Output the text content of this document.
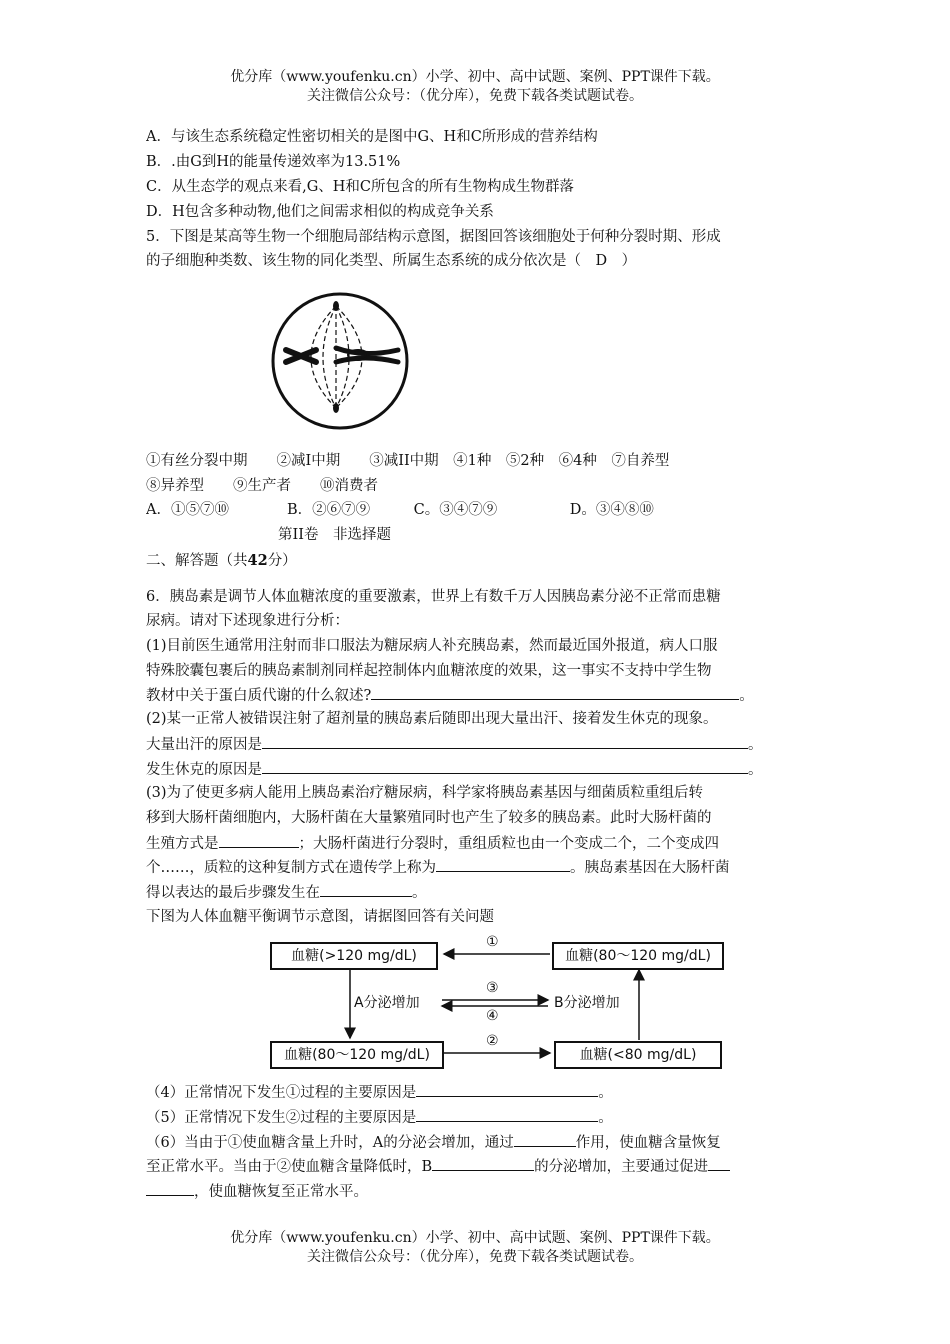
优分库（www.youfenku.cn）小学、初中、高中试题、案例、PPT课件下载。
关注微信公众号：（优分库），免费下载各类试题试卷。
A．与该生态系统稳定性密切相关的是图中G、H和C所形成的营养结构
B．.由G到H的能量传递效率为13.51%
C．从生态学的观点来看,G、H和C所包含的所有生物构成生物群落
D．H包含多种动物,他们之间需求相似的构成竞争关系
5．下图是某高等生物一个细胞局部结构示意图，据图回答该细胞处于何种分裂时期、形成
的子细胞种类数、该生物的同化类型、所属生态系统的成分依次是（　D　）
①有丝分裂中期　　②减Ⅰ中期　　③减II中期　④1种　⑤2种　⑥4种　⑦自养型
⑧异养型　　⑨生产者　　⑩消费者
A．①⑤⑦⑩　　　　B．②⑥⑦⑨　　　C。③④⑦⑨　　　　　D。③④⑧⑩
第II卷　非选择题
二、解答题（共42分）
6．胰岛素是调节人体血糖浓度的重要激素，世界上有数千万人因胰岛素分泌不正常而患糖
尿病。请对下述现象进行分析：
(1)目前医生通常用注射而非口服法为糖尿病人补充胰岛素，然而最近国外报道，病人口服
特殊胶囊包裹后的胰岛素制剂同样起控制体内血糖浓度的效果，这一事实不支持中学生物
教材中关于蛋白质代谢的什么叙述?	。
(2)某一正常人被错误注射了超剂量的胰岛素后随即出现大量出汗、接着发生休克的现象。
大量出汗的原因是	。
发生休克的原因是	。
(3)为了使更多病人能用上胰岛素治疗糖尿病，科学家将胰岛素基因与细菌质粒重组后转
移到大肠杆菌细胞内，大肠杆菌在大量繁殖同时也产生了较多的胰岛素。此时大肠杆菌的
生殖方式是	；大肠杆菌进行分裂时，重组质粒也由一个变成二个，二个变成四
个……，质粒的这种复制方式在遗传学上称为	。胰岛素基因在大肠杆菌
得以表达的最后步骤发生在	。
下图为人体血糖平衡调节示意图，请据图回答有关问题
血糖(>120 mg/dL)	血糖(80～120 mg/dL)
血糖(80～120 mg/dL)	血糖(<80 mg/dL)
A分泌增加	B分泌增加
①
②
③
④
（4）正常情况下发生①过程的主要原因是	。
（5）正常情况下发生②过程的主要原因是	。
（6）当由于①使血糖含量上升时，A的分泌会增加，通过	作用，使血糖含量恢复
至正常水平。当由于②使血糖含量降低时，B	的分泌增加，主要通过促进
，使血糖恢复至正常水平。
优分库（www.youfenku.cn）小学、初中、高中试题、案例、PPT课件下载。
关注微信公众号：（优分库），免费下载各类试题试卷。
